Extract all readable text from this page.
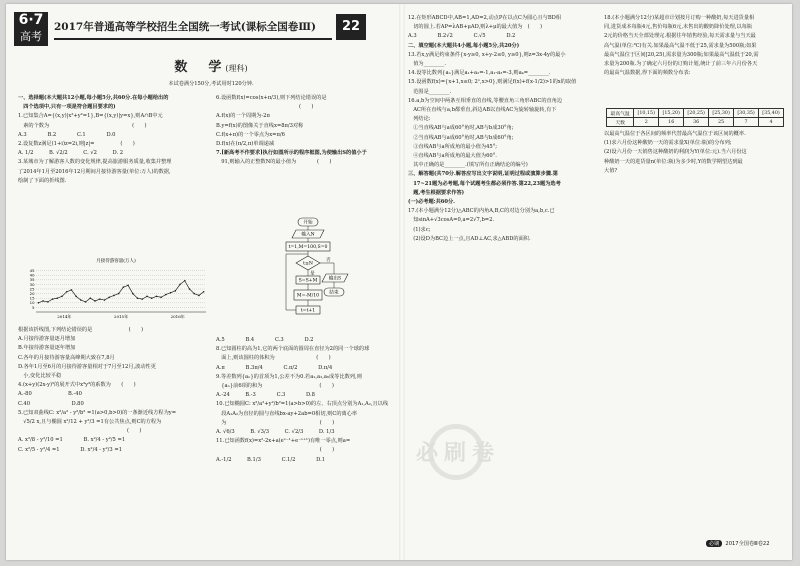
6·7
高考
2017年普通高等学校招生全国统一考试(课标全国卷Ⅲ)	22
数　学(理科)
本试卷满分150分,考试用时120分钟.

一、选择题(本大题共12小题,每小题5分,共60分.在每小题给出的

　四个选项中,只有一项是符合题目要求的)

1.已知集合A={(x,y)|x²+y²=1},B={(x,y)|y=x},则A∩B中元

　素的个数为　　　　　　　　　　　　　　　　(　　)

A.3　　　　B.2　　　　C.1　　　　D.0

2.设复数z满足(1+i)z=2i,则|z|=　　　　　(　　)

A. 1/2　　　B. √2/2　　　C. √2　　　D. 2

3.某城市为了解游客人数的变化规律,提高旅游服务质量,收集并整理

了2014年1月至2016年12月期间月接待游客量(单位:万人)的数据,

绘制了下面的折线图.

月接待游客量(万人)
45
40
35
30
25
20
15
10
5
2014年	2015年	2016年

根据该折线图,下列结论错误的是　　　　　　　(　　)

A.月接待游客量逐月增加

B.年接待游客量逐年增加

C.各年的月接待游客量高峰期大致在7,8月

D.各年1月至6月的月接待游客量相对于7月至12月,波动性更

　小,变化比较平稳

4.(x+y)(2x-y)⁵的展开式中x³y³的系数为　　(　　)

A.-80　　　　　　　B.-40

C.40　　　　　　　　D.80

5.已知双曲线C: x²/a² - y²/b² =1(a>0,b>0)的一条渐近线方程为y=

　√5/2 x,且与椭圆 x²/12 + y²/3 =1有公共焦点,则C的方程为

　　　　　　　　　　　　　　　　　　　　　(　　)

A. x²/8 - y²/10 =1　　　　B. x²/4 - y²/5 =1

C. x²/5 - y²/4 =1　　　　D. x²/4 - y²/3 =1

6.设函数f(x)=cos(x+π/3),则下列结论错误的是

　　　　　　　　　　　　　　　　(　　)

A.f(x)的一个周期为-2π

B.y=f(x)的图像关于直线x=8π/3对称

C.f(x+π)的一个零点为x=π/6

D.f(x)在(π/2,π)单调递减

7.[新高考不作要求]执行如图所示的程序框图,为使输出S的值小于

　91,则输入的正整数N的最小值为　　　　(　　)

开始
输入N
t=1,M=100,S=0
t≤N
否
输出S
结束
是
S=S+M
M=-M/10
t=t+1

A.5　　　　B.4　　　　C.3　　　　D.2

8.已知圆柱的高为1,它的两个底面的圆周在直径为2的同一个球的球

　面上,则该圆柱的体积为　　　　　　　　(　　)

A.π　　　　B.3π/4　　　　C.π/2　　　　D.π/4

9.等差数列{aₙ}的首项为1,公差不为0.若a₂,a₃,a₆成等比数列,则

　{aₙ}前6项的和为　　　　　　　　　　　(　　)

A.-24　　　B.-3　　　　C.3　　　　D.8

10.已知椭圆C: x²/a²+y²/b²=1(a>b>0)的左、右顶点分别为A₁,A₂,且以线

　段A₁A₂为直径的圆与直线bx-ay+2ab=0相切,则C的离心率

　为　　　　　　　　　　　　　　　　　　(　　)

A. √6/3　　　B. √3/3　　　C. √2/3　　　D. 1/3

11.已知函数f(x)=x²-2x+a(eˣ⁻¹+e⁻ˣ⁺¹)有唯一零点,则a=

　　　　　　　　　　　　　　　　　　　　(　　)

A.-1/2　　　B.1/3　　　　C.1/2　　　　D.1

12.在矩形ABCD中,AB=1,AD=2,动点P在以点C为圆心且与BD相

　切的圆上.若AP=λAB+μAD,则λ+μ的最大值为　(　　)

A.3　　　　B.2√2　　　　C.√5　　　　D.2

二、填空题(本大题共4小题,每小题5分,共20分)

13.若x,y满足约束条件{x-y≥0, x+y-2≤0, y≥0},则z=3x-4y的最小

　值为________.

14.设等比数列{aₙ}满足a₁+a₂=-1,a₁-a₃=-3,则a₄=________.

15.设函数f(x)={x+1,x≤0; 2ˣ,x>0},则满足f(x)+f(x-1/2)>1的x的取值

　范围是________.

16.a,b为空间中两条互相垂直的直线,等腰直角三角形ABC的直角边

　AC所在直线与a,b都垂直,斜边AB以直线AC为旋转轴旋转,有下

　列结论:

　①当直线AB与a成60°角时,AB与b成30°角;

　②当直线AB与a成60°角时,AB与b成60°角;

　③直线AB与a所成角的最小值为45°;

　④直线AB与a所成角的最大值为60°.

　其中正确的是________.(填写所有正确结论的编号)

三、解答题(共70分.解答应写出文字说明,证明过程或演算步骤.第

　17~21题为必考题,每个试题考生都必须作答.第22,23题为选考

　题,考生根据要求作答)

(一)必考题:共60分.

17.(本小题满分12分)△ABC的内角A,B,C的对边分别为a,b,c.已

　知sinA+√3cosA=0,a=2√7,b=2.

　(1)求c;

　(2)设D为BC边上一点,且AD⊥AC,求△ABD的面积.

18.(本小题满分12分)某超市计划按月订购一种酸奶,每天进货量相

同,进货成本每瓶4元,售价每瓶6元,未售出的酸奶降价处理,以每瓶

2元的价格当天全部处理完.根据往年销售经验,每天需求量与当天最

高气温(单位:℃)有关.如果最高气温不低于25,需求量为500瓶;如果

最高气温位于区间[20,25),需求量为300瓶;如果最高气温低于20,需

求量为200瓶.为了确定六月份的订购计划,统计了前三年六月份各天

的最高气温数据,得下面的频数分布表:

最高气温	[10,15)	[15,20)	[20,25)	[25,30)	[30,35)	[35,40)
天数	2	16	36	25	7	4

以最高气温位于各区间的频率代替最高气温位于该区间的概率.

(1)求六月份这种酸奶一天的需求量X(单位:瓶)的分布列;

(2)设六月份一天销售这种酸奶的利润为Y(单位:元).当六月份这

种酸奶一天的进货量n(单位:瓶)为多少时,Y的数学期望达到最

大值?

必刷卷
必刷 2017全国卷Ⅲ卷22
